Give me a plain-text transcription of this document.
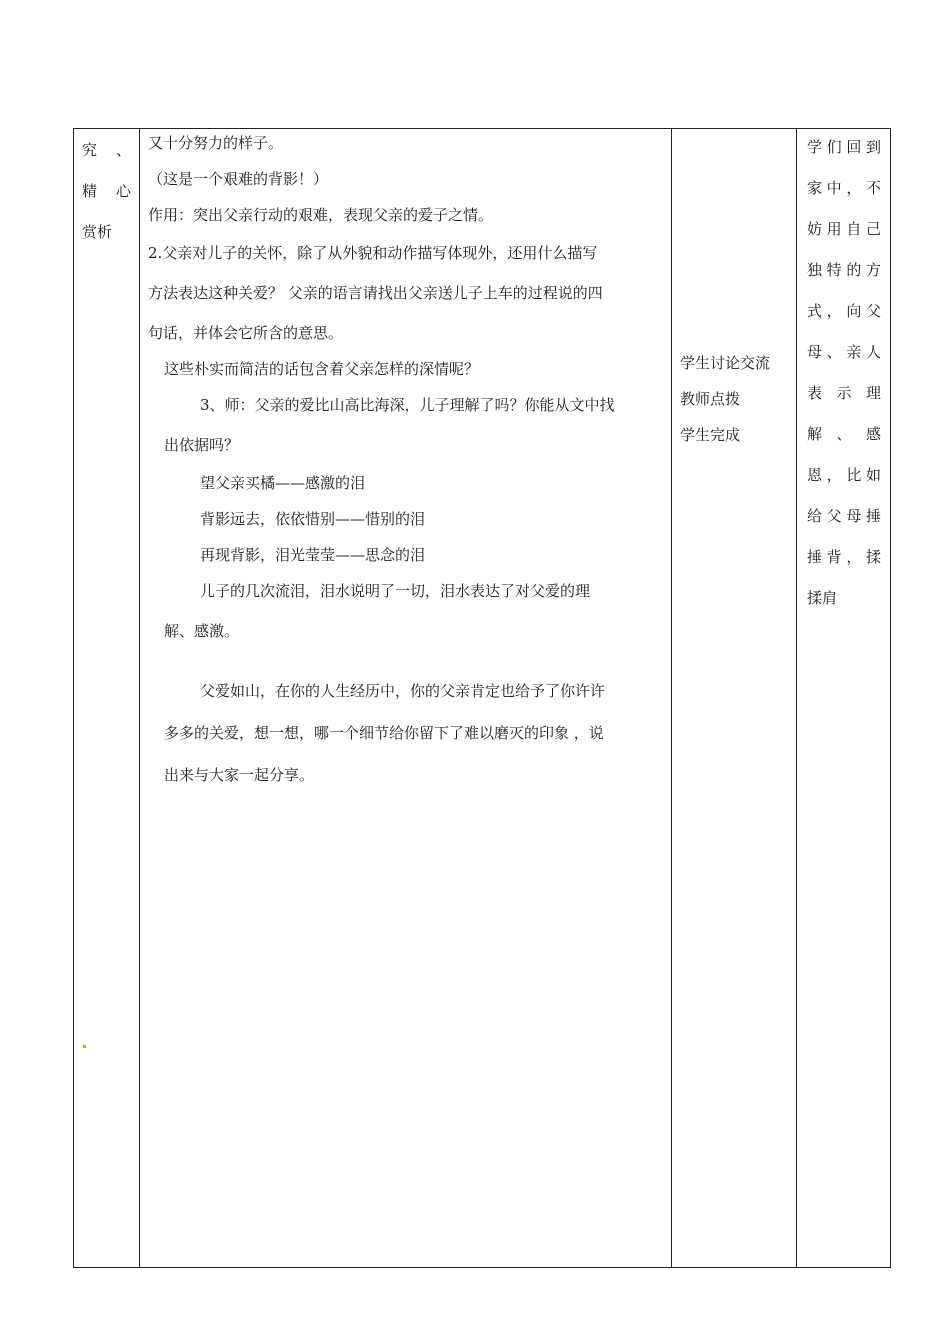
究 、
精 心
赏析
又十分努力的样子。
（这是一个艰难的背影！）
作用：突出父亲行动的艰难，表现父亲的爱子之情。
2.父亲对儿子的关怀，除了从外貌和动作描写体现外，还用什么描写
方法表达这种关爱？ 父亲的语言请找出父亲送儿子上车的过程说的四
句话，并体会它所含的意思。
这些朴实而简洁的话包含着父亲怎样的深情呢？
3、师：父亲的爱比山高比海深，儿子理解了吗？你能从文中找
出依据吗？
望父亲买橘——感激的泪
背影远去，依依惜别——惜别的泪
再现背影，泪光莹莹——思念的泪
儿子的几次流泪，泪水说明了一切，泪水表达了对父爱的理
解、感激。
父爱如山，在你的人生经历中，你的父亲肯定也给予了你许许
多多的关爱，想一想，哪一个细节给你留下了难以磨灭的印象 ，说
出来与大家一起分享。
学生讨论交流
教师点拨
学生完成
学们回到
家中，不
妨用自己
独特的方
式，向父
母、亲人
表 示 理
解 、 感
恩，比如
给父母捶
捶背，揉
揉肩
